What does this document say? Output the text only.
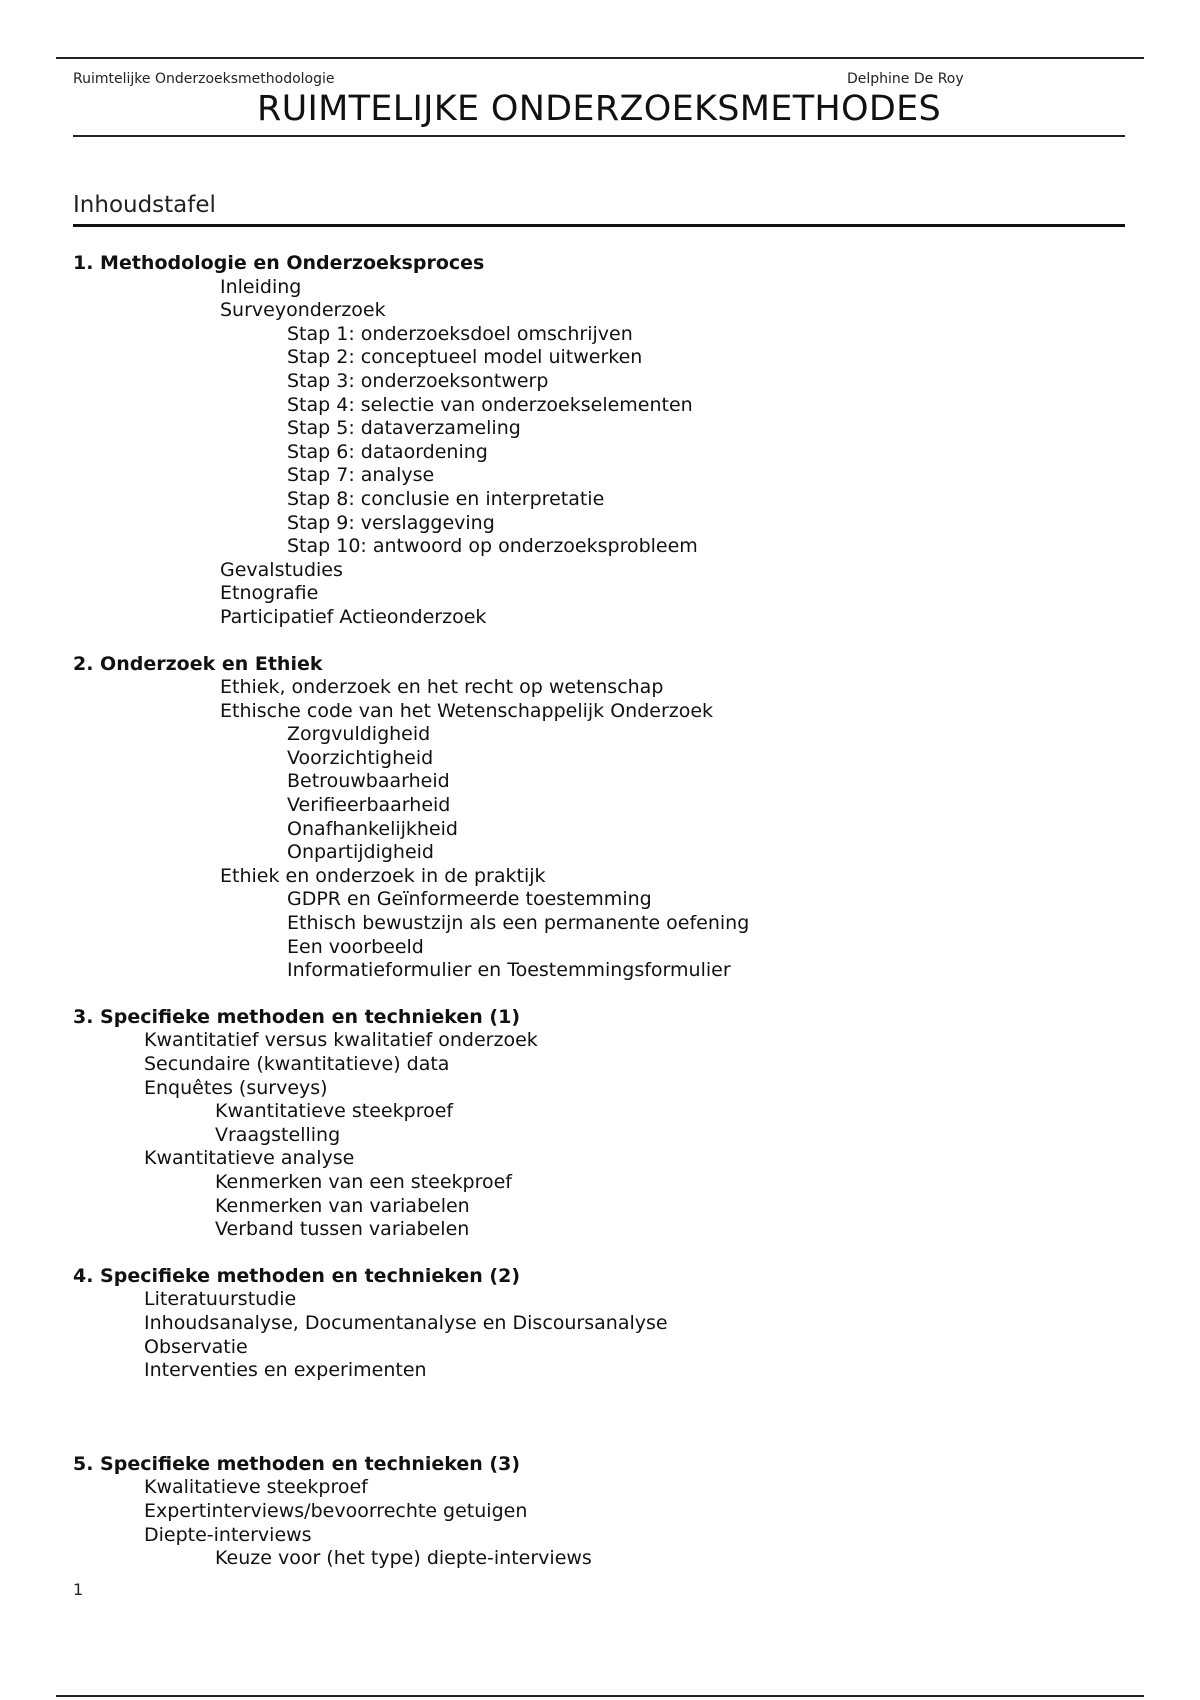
Ruimtelijke Onderzoeksmethodologie	Delphine De Roy
RUIMTELIJKE ONDERZOEKSMETHODES
Inhoudstafel
1. Methodologie en Onderzoeksproces
Inleiding
Surveyonderzoek
Stap 1: onderzoeksdoel omschrijven
Stap 2: conceptueel model uitwerken
Stap 3: onderzoeksontwerp
Stap 4: selectie van onderzoekselementen
Stap 5: dataverzameling
Stap 6: dataordening
Stap 7: analyse
Stap 8: conclusie en interpretatie
Stap 9: verslaggeving
Stap 10: antwoord op onderzoeksprobleem
Gevalstudies
Etnografie
Participatief Actieonderzoek
2. Onderzoek en Ethiek
Ethiek, onderzoek en het recht op wetenschap
Ethische code van het Wetenschappelijk Onderzoek
Zorgvuldigheid
Voorzichtigheid
Betrouwbaarheid
Verifieerbaarheid
Onafhankelijkheid
Onpartijdigheid
Ethiek en onderzoek in de praktijk
GDPR en Geïnformeerde toestemming
Ethisch bewustzijn als een permanente oefening
Een voorbeeld
Informatieformulier en Toestemmingsformulier
3. Specifieke methoden en technieken (1)
Kwantitatief versus kwalitatief onderzoek
Secundaire (kwantitatieve) data
Enquêtes (surveys)
Kwantitatieve steekproef
Vraagstelling
Kwantitatieve analyse
Kenmerken van een steekproef
Kenmerken van variabelen
Verband tussen variabelen
4. Specifieke methoden en technieken (2)
Literatuurstudie
Inhoudsanalyse, Documentanalyse en Discoursanalyse
Observatie
Interventies en experimenten
5. Specifieke methoden en technieken (3)
Kwalitatieve steekproef
Expertinterviews/bevoorrechte getuigen
Diepte-interviews
Keuze voor (het type) diepte-interviews
1
